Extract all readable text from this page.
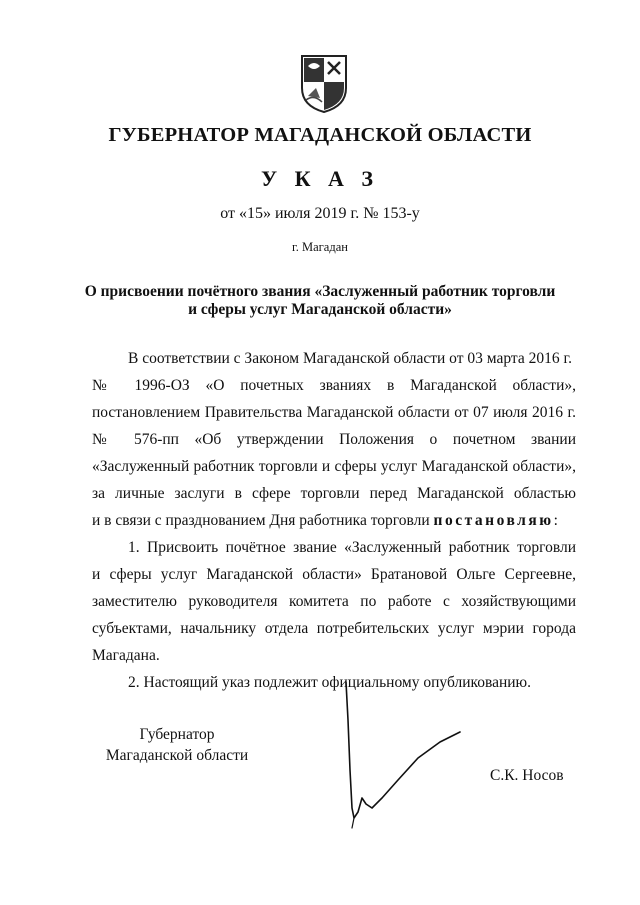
ГУБЕРНАТОР МАГАДАНСКОЙ ОБЛАСТИ
У К А З
от «15» июля 2019 г. № 153-у
г. Магадан
О присвоении почётного звания «Заслуженный работник торговли
и сферы услуг Магаданской области»
В соответствии с Законом Магаданской области от 03 марта 2016 г.
№ 1996-ОЗ «О почетных званиях в Магаданской области»,
постановлением Правительства Магаданской области от 07 июля 2016 г.
№ 576-пп «Об утверждении Положения о почетном звании
«Заслуженный работник торговли и сферы услуг Магаданской области»,
за личные заслуги в сфере торговли перед Магаданской областью
и в связи с празднованием Дня работника торговли постановляю:
1. Присвоить почётное звание «Заслуженный работник торговли
и сферы услуг Магаданской области» Братановой Ольге Сергеевне,
заместителю руководителя комитета по работе с хозяйствующими
субъектами, начальнику отдела потребительских услуг мэрии города
Магадана.
2. Настоящий указ подлежит официальному опубликованию.
Губернатор
Магаданской области
С.К. Носов
